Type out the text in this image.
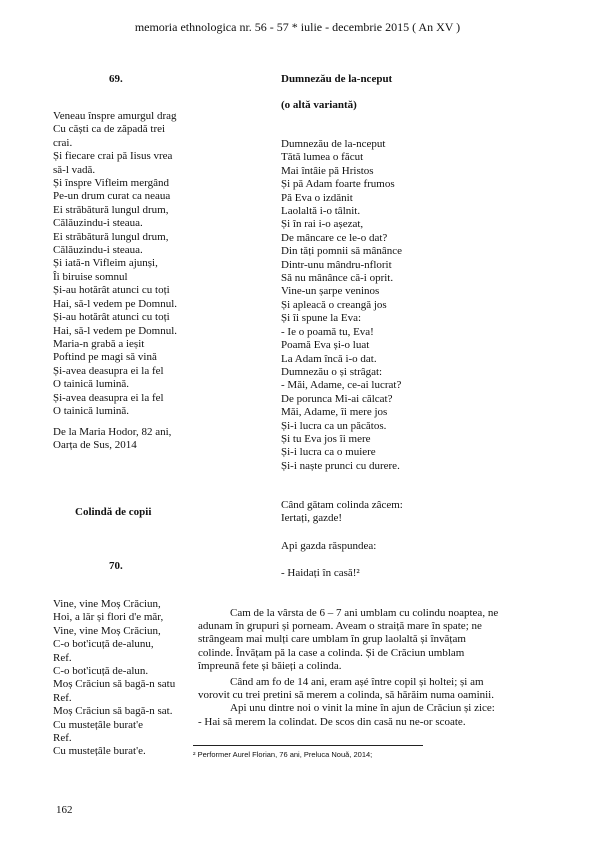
memoria ethnologica nr. 56 - 57 * iulie - decembrie 2015 ( An XV )
69.
Veneau înspre amurgul drag
Cu căști ca de zăpadă trei
crai.
Și fiecare crai pă Iisus vrea
să-l vadă.
Și înspre Vifleim mergând
Pe-un drum curat ca neaua
Ei străbătură lungul drum,
Călăuzindu-i steaua.
Ei străbătură lungul drum,
Călăuzindu-i steaua.
Și iată-n Vifleim ajunși,
Îi biruise somnul
Și-au hotărât atunci cu toți
Hai, să-l vedem pe Domnul.
Și-au hotărât atunci cu toți
Hai, să-l vedem pe Domnul.
Maria-n grabă a ieșit
Poftind pe magi să vină
Și-avea deasupra ei la fel
O tainică lumină.
Și-avea deasupra ei la fel
O tainică lumină.
De la Maria Hodor, 82 ani,
Oarța de Sus, 2014
Colindă de copii
70.
Vine, vine Moș Crăciun,
Hoi, a lăr și flori d'e măr,
Vine, vine Moș Crăciun,
C-o bot'icuță de-alunu,
Ref.
C-o bot'icuță de-alun.
Moș Crăciun să bagă-n satu
Ref.
Moș Crăciun să bagă-n sat.
Cu mustețâle burat'e
Ref.
Cu mustețâle burat'e.
Dumnezău de la-nceput
(o altă variantă)
Dumnezău de la-nceput
Tătă lumea o făcut
Mai întâie pă Hristos
Și pă Adam foarte frumos
Pă Eva o izdănit
Laolaltă i-o tâlnit.
Și în rai i-o așezat,
De mâncare ce le-o dat?
Din tăți pomnii să mânânce
Dintr-unu mândru-nflorit
Să nu mânânce că-i oprit.
Vine-un șarpe veninos
Și apleacă o creangă jos
Și îi spune la Eva:
- Ie o poamă tu, Eva!
Poamă Eva și-o luat
La Adam încă i-o dat.
Dumnezău o și strâgat:
- Măi, Adame, ce-ai lucrat?
De porunca Mi-ai călcat?
Măi, Adame, îi mere jos
Și-i lucra ca un păcătos.
Și tu Eva jos îi mere
Și-i lucra ca o muiere
Și-i naște prunci cu durere.
Când gătam colinda zâcem:
Iertați, gazde!
Api gazda răspundea:
- Haidați în casă!²
Cam de la vârsta de 6 – 7 ani umblam cu colindu noaptea, ne
adunam în grupuri și porneam. Aveam o straiță mare în spate; ne
strângeam mai mulți care umblam în grup laolaltă și învățam
colinde. Învățam pă la case a colinda. Și de Crăciun umblam
împreună fete și băieți a colinda.
Când am fo de 14 ani, eram așé între copil și holtei; și am
vorovit cu trei pretini să merem a colinda, să hărăim numa oaminii.
Api unu dintre noi o vinit la mine în ajun de Crăciun și zice:
- Hai să merem la colindat. De scos din casă nu ne-or scoate.
² Performer Aurel Florian, 76 ani, Preluca Nouă, 2014;
162
